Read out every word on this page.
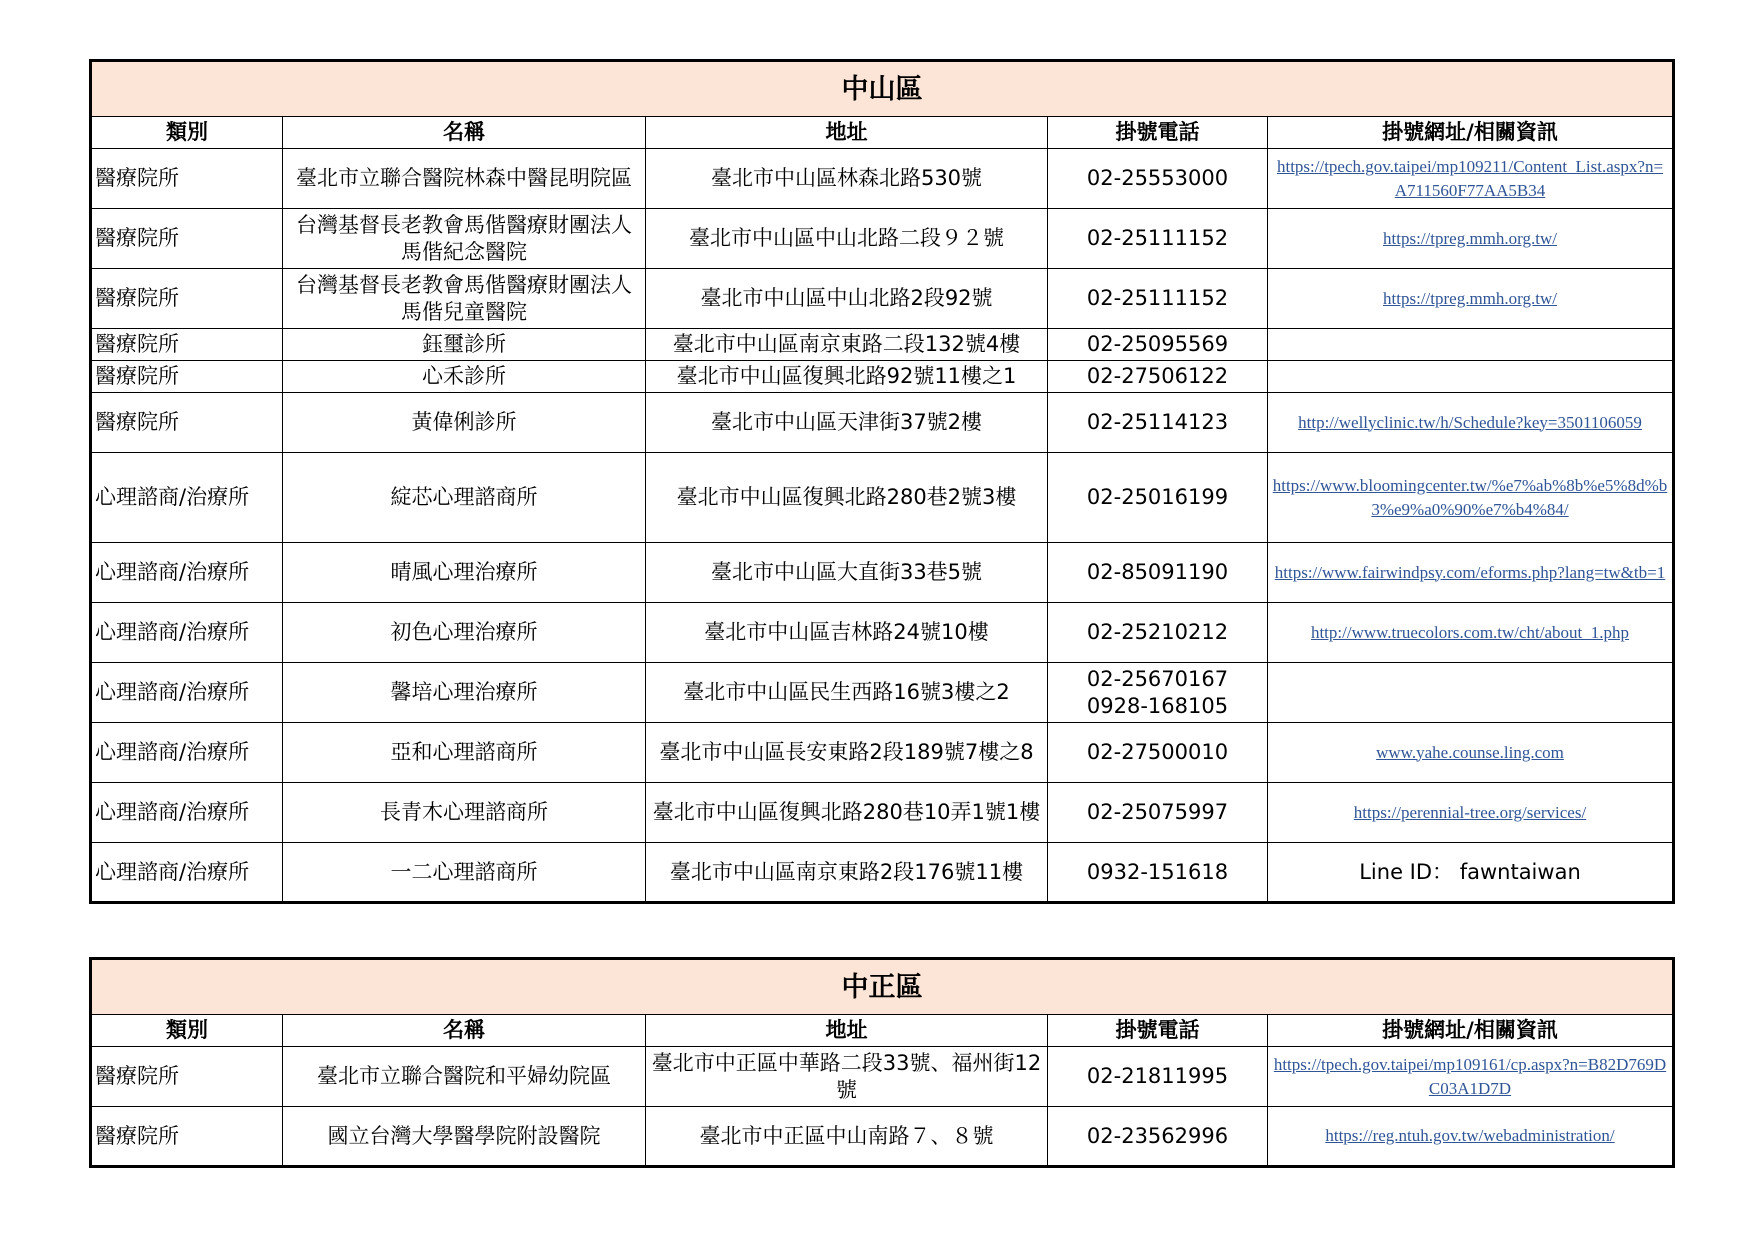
中山區				
類別	名稱	地址	掛號電話	掛號網址/相關資訊
醫療院所	臺北市立聯合醫院林森中醫昆明院區	臺北市中山區林森北路530號	02-25553000	https://tpech.gov.taipei/mp109211/Content_List.aspx?n=A711560F77AA5B34
醫療院所	台灣基督長老教會馬偕醫療財團法人馬偕紀念醫院	臺北市中山區中山北路二段９２號	02-25111152	https://tpreg.mmh.org.tw/
醫療院所	台灣基督長老教會馬偕醫療財團法人馬偕兒童醫院	臺北市中山區中山北路2段92號	02-25111152	https://tpreg.mmh.org.tw/
醫療院所	鈺璽診所	臺北市中山區南京東路二段132號4樓	02-25095569	
醫療院所	心禾診所	臺北市中山區復興北路92號11樓之1	02-27506122	
醫療院所	黃偉俐診所	臺北市中山區天津街37號2樓	02-25114123	http://wellyclinic.tw/h/Schedule?key=3501106059
心理諮商/治療所	綻芯心理諮商所	臺北市中山區復興北路280巷2號3樓	02-25016199	https://www.bloomingcenter.tw/%e7%ab%8b%e5%8d%b3%e9%a0%90%e7%b4%84/
心理諮商/治療所	晴風心理治療所	臺北市中山區大直街33巷5號	02-85091190	https://www.fairwindpsy.com/eforms.php?lang=tw&tb=1
心理諮商/治療所	初色心理治療所	臺北市中山區吉林路24號10樓	02-25210212	http://www.truecolors.com.tw/cht/about_1.php
心理諮商/治療所	馨培心理治療所	臺北市中山區民生西路16號3樓之2	02-25670167
0928-168105	
心理諮商/治療所	亞和心理諮商所	臺北市中山區長安東路2段189號7樓之8	02-27500010	www.yahe.counse.ling.com
心理諮商/治療所	長青木心理諮商所	臺北市中山區復興北路280巷10弄1號1樓	02-25075997	https://perennial-tree.org/services/
心理諮商/治療所	一二心理諮商所	臺北市中山區南京東路2段176號11樓	0932-151618	Line ID： fawntaiwan
中正區				
類別	名稱	地址	掛號電話	掛號網址/相關資訊
醫療院所	臺北市立聯合醫院和平婦幼院區	臺北市中正區中華路二段33號、福州街12號	02-21811995	https://tpech.gov.taipei/mp109161/cp.aspx?n=B82D769DC03A1D7D
醫療院所	國立台灣大學醫學院附設醫院	臺北市中正區中山南路７、８號	02-23562996	https://reg.ntuh.gov.tw/webadministration/
